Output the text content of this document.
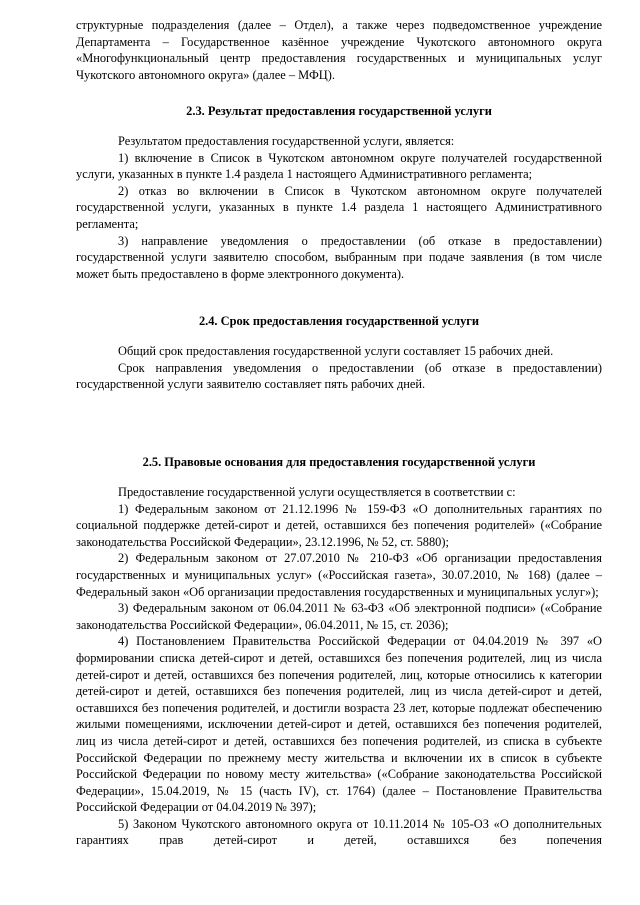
структурные подразделения (далее – Отдел), а также через подведомственное учреждение Департамента – Государственное казённое учреждение Чукотского автономного округа «Многофункциональный центр предоставления государственных и муниципальных услуг Чукотского автономного округа» (далее – МФЦ).

2.3. Результат предоставления государственной услуги

Результатом предоставления государственной услуги, является:

1) включение в Список в Чукотском автономном округе получателей государственной услуги, указанных в пункте 1.4 раздела 1 настоящего Административного регламента;

2) отказ во включении в Список в Чукотском автономном округе получателей государственной услуги, указанных в пункте 1.4 раздела 1 настоящего Административного регламента;

3) направление уведомления о предоставлении (об отказе в предоставлении) государственной услуги заявителю способом, выбранным при подаче заявления (в том числе может быть предоставлено в форме электронного документа).

2.4. Срок предоставления государственной услуги

Общий срок предоставления государственной услуги составляет 15 рабочих дней.

Срок направления уведомления о предоставлении (об отказе в предоставлении) государственной услуги заявителю составляет пять рабочих дней.

2.5. Правовые основания для предоставления государственной услуги

Предоставление государственной услуги осуществляется в соответствии с:

1) Федеральным законом от 21.12.1996 № 159-ФЗ «О дополнительных гарантиях по социальной поддержке детей-сирот и детей, оставшихся без попечения родителей» («Собрание законодательства Российской Федерации», 23.12.1996, № 52, ст. 5880);

2) Федеральным законом от 27.07.2010 № 210-ФЗ «Об организации предоставления государственных и муниципальных услуг» («Российская газета», 30.07.2010, № 168) (далее – Федеральный закон «Об организации предоставления государственных и муниципальных услуг»);

3) Федеральным законом от 06.04.2011 № 63-ФЗ «Об электронной подписи» («Собрание законодательства Российской Федерации», 06.04.2011, № 15, ст. 2036);

4) Постановлением Правительства Российской Федерации от 04.04.2019 № 397 «О формировании списка детей-сирот и детей, оставшихся без попечения родителей, лиц из числа детей-сирот и детей, оставшихся без попечения родителей, лиц, которые относились к категории детей-сирот и детей, оставшихся без попечения родителей, лиц из числа детей-сирот и детей, оставшихся без попечения родителей, и достигли возраста 23 лет, которые подлежат обеспечению жилыми помещениями, исключении детей-сирот и детей, оставшихся без попечения родителей, лиц из числа детей-сирот и детей, оставшихся без попечения родителей, из списка в субъекте Российской Федерации по прежнему месту жительства и включении их в список в субъекте Российской Федерации по новому месту жительства» («Собрание законодательства Российской Федерации», 15.04.2019, № 15 (часть IV), ст. 1764) (далее – Постановление Правительства Российской Федерации от 04.04.2019 № 397);

5) Законом Чукотского автономного округа от 10.11.2014 № 105-ОЗ «О дополнительных гарантиях прав детей-сирот и детей, оставшихся без попечения
